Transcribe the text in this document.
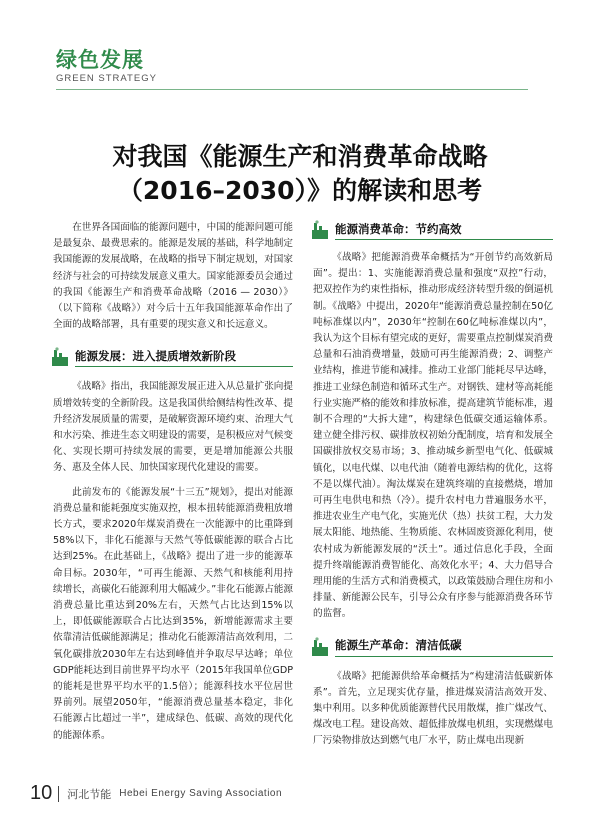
绿色发展
GREEN STRATEGY
对我国《能源生产和消费革命战略
（2016–2030）》的解读和思考

在世界各国面临的能源问题中，中国的能源问题可能是最复杂、最费思索的。能源是发展的基础，科学地制定我国能源的发展战略，在战略的指导下制定规划，对国家经济与社会的可持续发展意义重大。国家能源委员会通过的我国《能源生产和消费革命战略（2016 — 2030）》（以下简称《战略》）对今后十五年我国能源革命作出了全面的战略部署，具有重要的现实意义和长远意义。

能源发展：进入提质增效新阶段

《战略》指出，我国能源发展正进入从总量扩张向提质增效转变的全新阶段。这是我国供给侧结构性改革、提升经济发展质量的需要，是破解资源环境约束、治理大气和水污染、推进生态文明建设的需要，是积极应对气候变化、实现长期可持续发展的需要，更是增加能源公共服务、惠及全体人民、加快国家现代化建设的需要。

此前发布的《能源发展“十三五”规划》，提出对能源消费总量和能耗强度实施双控，根本扭转能源消费粗放增长方式，要求2020年煤炭消费在一次能源中的比重降到58%以下，非化石能源与天然气等低碳能源的联合占比达到25%。在此基础上，《战略》提出了进一步的能源革命目标。2030年，“可再生能源、天然气和核能利用持续增长，高碳化石能源利用大幅减少。”非化石能源占能源消费总量比重达到20%左右，天然气占比达到15%以上，即低碳能源联合占比达到35%，新增能源需求主要依靠清洁低碳能源满足；推动化石能源清洁高效利用，二氧化碳排放2030年左右达到峰值并争取尽早达峰；单位GDP能耗达到目前世界平均水平（2015年我国单位GDP的能耗是世界平均水平的1.5倍）；能源科技水平位居世界前列。展望2050年，“能源消费总量基本稳定，非化石能源占比超过一半”，建成绿色、低碳、高效的现代化的能源体系。

能源消费革命：节约高效

《战略》把能源消费革命概括为“开创节约高效新局面”。提出：1、实施能源消费总量和强度“双控”行动，把双控作为约束性指标，推动形成经济转型升级的倒逼机制。《战略》中提出，2020年“能源消费总量控制在50亿吨标准煤以内”，2030年“控制在60亿吨标准煤以内”，我认为这个目标有望完成的更好，需要重点控制煤炭消费总量和石油消费增量，鼓励可再生能源消费；2、调整产业结构，推进节能和减排。推动工业部门能耗尽早达峰，推进工业绿色制造和循环式生产。对钢铁、建材等高耗能行业实施严格的能效和排放标准，提高建筑节能标准，遏制不合理的“大拆大建”，构建绿色低碳交通运输体系。建立健全排污权、碳排放权初始分配制度，培育和发展全国碳排放权交易市场；3、推动城乡新型电气化、低碳城镇化，以电代煤、以电代油（随着电源结构的优化，这将不是以煤代油）。淘汰煤炭在建筑终端的直接燃烧，增加可再生电供电和热（冷）。提升农村电力普遍服务水平，推进农业生产电气化，实施光伏（热）扶贫工程，大力发展太阳能、地热能、生物质能、农林固废资源化利用，使农村成为新能源发展的“沃土”。通过信息化手段，全面提升终端能源消费智能化、高效化水平；4、大力倡导合理用能的生活方式和消费模式，以政策鼓励合理住房和小排量、新能源公民车，引导公众有序参与能源消费各环节的监督。

能源生产革命：清洁低碳

《战略》把能源供给革命概括为“构建清洁低碳新体系”。首先，立足现实优存量，推进煤炭清洁高效开发、集中利用。以多种优质能源替代民用散煤，推广煤改气、煤改电工程。建设高效、超低排放煤电机组，实现燃煤电厂污染物排放达到燃气电厂水平，防止煤电出现新

10 河北节能 Hebei Energy Saving Association
